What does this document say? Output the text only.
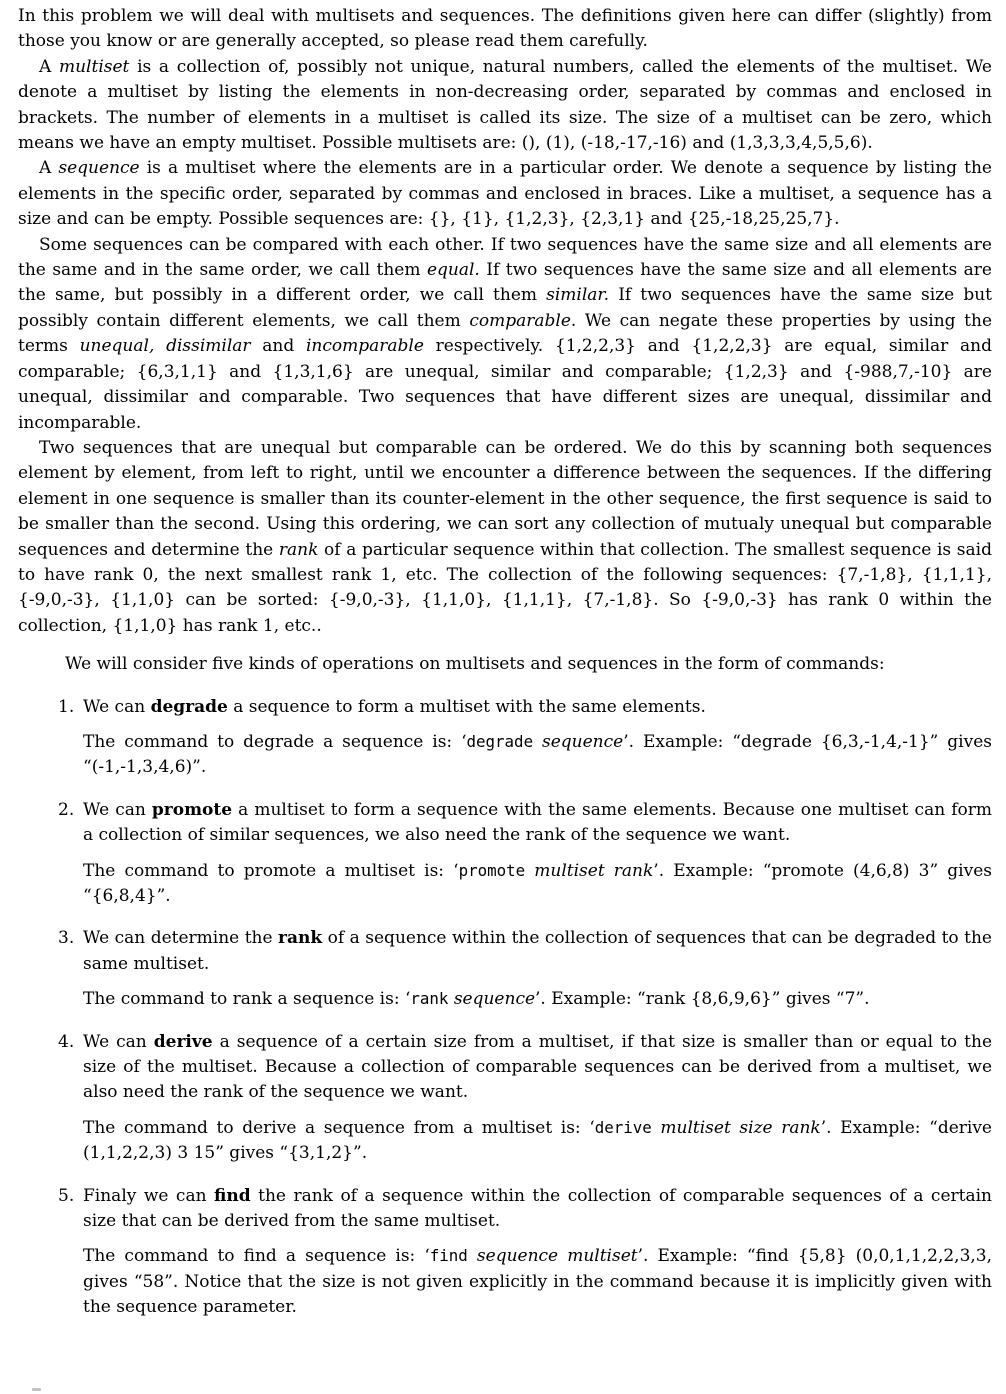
In this problem we will deal with multisets and sequences. The definitions given here can differ (slightly) from those you know or are generally accepted, so please read them carefully.

A multiset is a collection of, possibly not unique, natural numbers, called the elements of the multiset. We denote a multiset by listing the elements in non-decreasing order, separated by commas and enclosed in brackets. The number of elements in a multiset is called its size. The size of a multiset can be zero, which means we have an empty multiset. Possible multisets are: (), (1), (-18,-17,-16) and (1,3,3,3,4,5,5,6).

A sequence is a multiset where the elements are in a particular order. We denote a sequence by listing the elements in the specific order, separated by commas and enclosed in braces. Like a multiset, a sequence has a size and can be empty. Possible sequences are: {}, {1}, {1,2,3}, {2,3,1} and {25,-18,25,25,7}.

Some sequences can be compared with each other. If two sequences have the same size and all elements are the same and in the same order, we call them equal. If two sequences have the same size and all elements are the same, but possibly in a different order, we call them similar. If two sequences have the same size but possibly contain different elements, we call them comparable. We can negate these properties by using the terms unequal, dissimilar and incomparable respectively. {1,2,2,3} and {1,2,2,3} are equal, similar and comparable; {6,3,1,1} and {1,3,1,6} are unequal, similar and comparable; {1,2,3} and {-988,7,-10} are unequal, dissimilar and comparable. Two sequences that have different sizes are unequal, dissimilar and incomparable.

Two sequences that are unequal but comparable can be ordered. We do this by scanning both sequences element by element, from left to right, until we encounter a difference between the sequences. If the differing element in one sequence is smaller than its counter-element in the other sequence, the first sequence is said to be smaller than the second. Using this ordering, we can sort any collection of mutualy unequal but comparable sequences and determine the rank of a particular sequence within that collection. The smallest sequence is said to have rank 0, the next smallest rank 1, etc. The collection of the following sequences: {7,-1,8}, {1,1,1}, {-9,0,-3}, {1,1,0} can be sorted: {-9,0,-3}, {1,1,0}, {1,1,1}, {7,-1,8}. So {-9,0,-3} has rank 0 within the collection, {1,1,0} has rank 1, etc..

We will consider five kinds of operations on multisets and sequences in the form of commands:

1. We can degrade a sequence to form a multiset with the same elements.

The command to degrade a sequence is: ‘degrade sequence’. Example: “degrade {6,3,-1,4,-1}” gives “(-1,-1,3,4,6)”.

2. We can promote a multiset to form a sequence with the same elements. Because one multiset can form a collection of similar sequences, we also need the rank of the sequence we want.

The command to promote a multiset is: ‘promote multiset rank’. Example: “promote (4,6,8) 3” gives “{6,8,4}”.

3. We can determine the rank of a sequence within the collection of sequences that can be degraded to the same multiset.

The command to rank a sequence is: ‘rank sequence’. Example: “rank {8,6,9,6}” gives “7”.

4. We can derive a sequence of a certain size from a multiset, if that size is smaller than or equal to the size of the multiset. Because a collection of comparable sequences can be derived from a multiset, we also need the rank of the sequence we want.

The command to derive a sequence from a multiset is: ‘derive multiset size rank’. Example: “derive (1,1,2,2,3) 3 15” gives “{3,1,2}”.

5. Finaly we can find the rank of a sequence within the collection of comparable sequences of a certain size that can be derived from the same multiset.

The command to find a sequence is: ‘find sequence multiset’. Example: “find {5,8} (0,0,1,1,2,2,3,3, gives “58”. Notice that the size is not given explicitly in the command because it is implicitly given with the sequence parameter.
